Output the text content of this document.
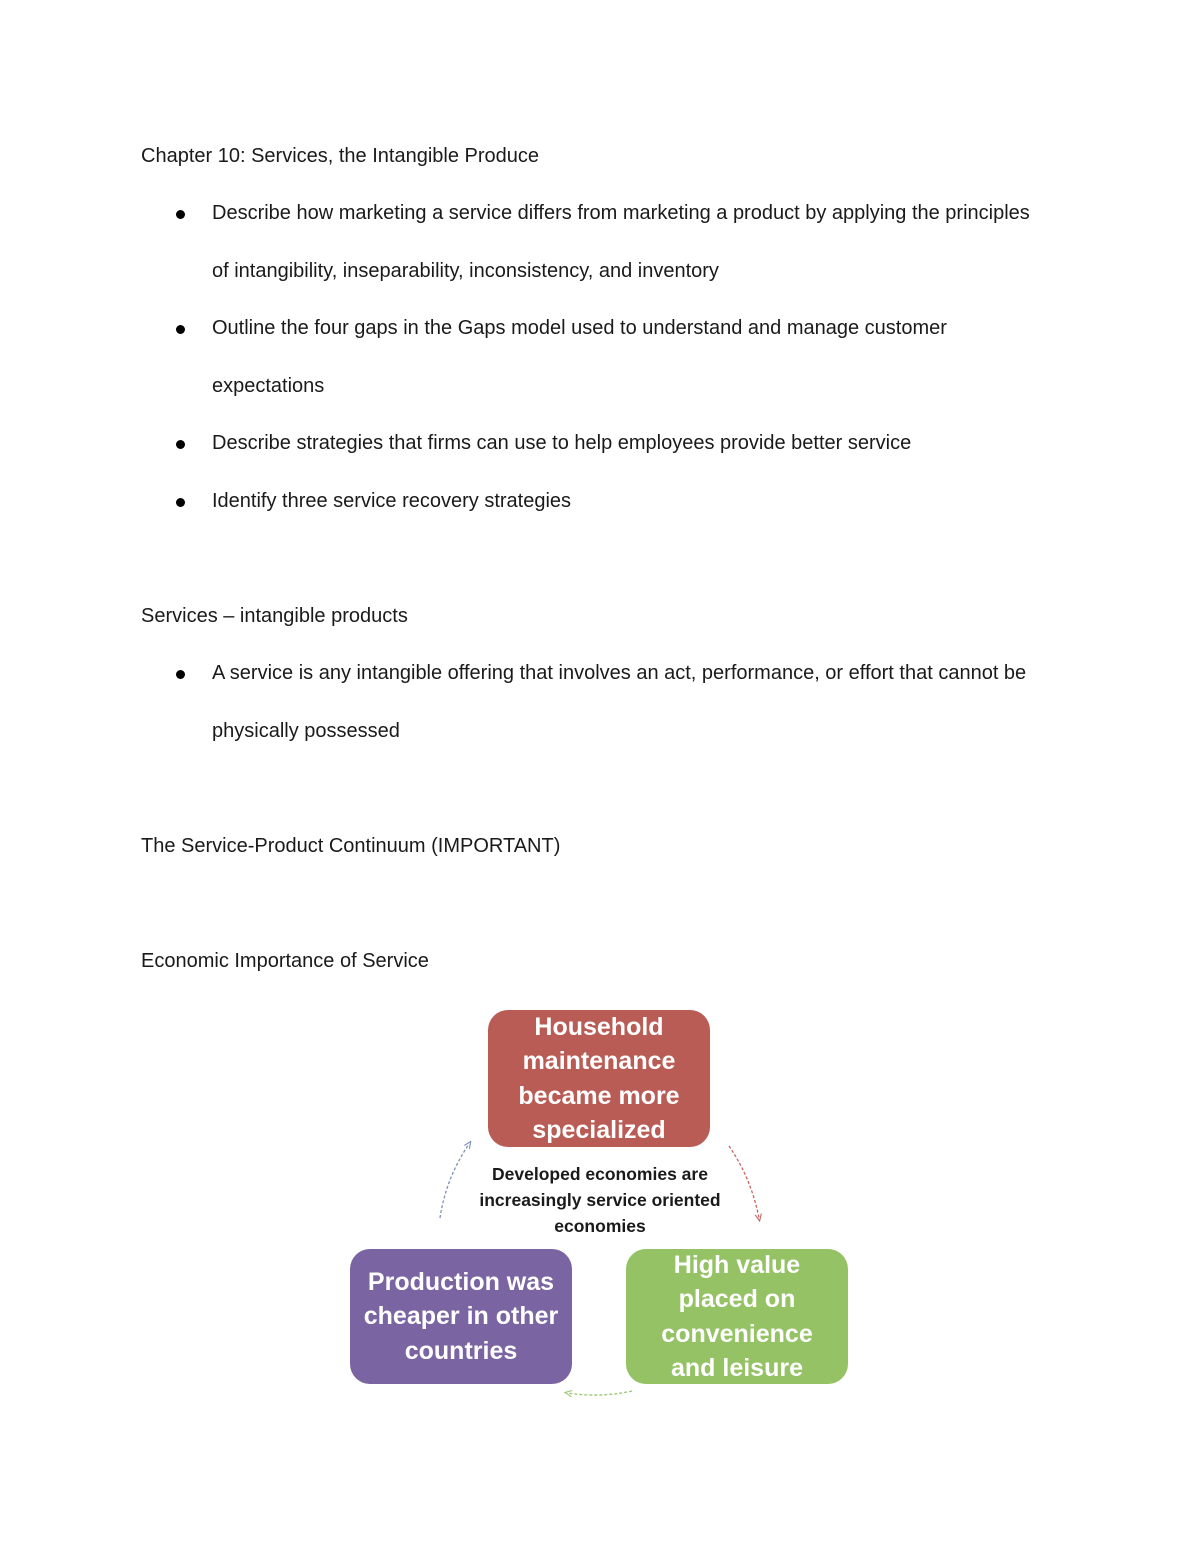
Chapter 10: Services, the Intangible Produce
Describe how marketing a service differs from marketing a product by applying the principles of intangibility, inseparability, inconsistency, and inventory
Outline the four gaps in the Gaps model used to understand and manage customer expectations
Describe strategies that firms can use to help employees provide better service
Identify three service recovery strategies
Services – intangible products
A service is any intangible offering that involves an act, performance, or effort that cannot be physically possessed
The Service-Product Continuum (IMPORTANT)
Economic Importance of Service
Household maintenance became more specialized
Developed economies are increasingly service oriented economies
Production was cheaper in other countries
High value placed on convenience and leisure
